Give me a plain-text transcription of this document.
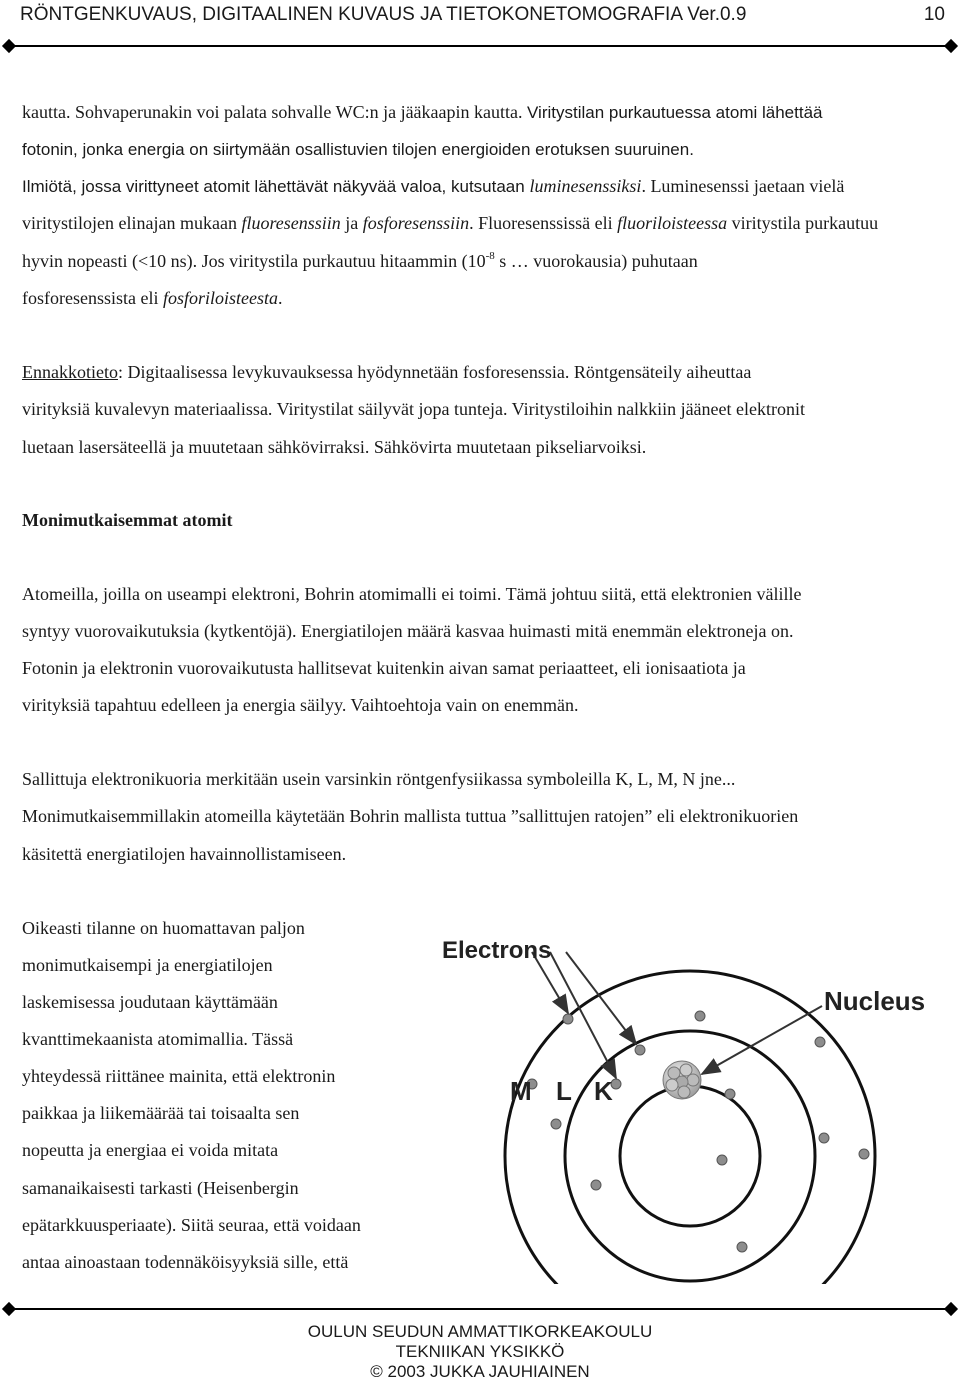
RÖNTGENKUVAUS, DIGITAALINEN KUVAUS JA TIETOKONETOMOGRAFIA Ver.0.9	10
kautta. Sohvaperunakin voi palata sohvalle WC:n ja jääkaapin kautta. Viritystilan purkautuessa atomi lähettää
fotonin, jonka energia on siirtymään osallistuvien tilojen energioiden erotuksen suuruinen.
Ilmiötä, jossa virittyneet atomit lähettävät näkyvää valoa, kutsutaan luminesenssiksi. Luminesenssi jaetaan vielä
viritystilojen elinajan mukaan fluoresenssiin ja fosforesenssiin. Fluoresenssissä eli fluoriloisteessa viritystila purkautuu
hyvin nopeasti (<10 ns). Jos viritystila purkautuu hitaammin ($10^{-8}$ s … vuorokausia) puhutaan
fosforesenssista eli fosforiloisteesta.
Ennakkotieto: Digitaalisessa levykuvauksessa hyödynnetään fosforesenssia. Röntgensäteily aiheuttaa
virityksiä kuvalevyn materiaalissa. Viritystilat säilyvät jopa tunteja. Viritystiloihin nalkkiin jääneet elektronit
luetaan lasersäteellä ja muutetaan sähkövirraksi. Sähkövirta muutetaan pikseliarvoiksi.
Monimutkaisemmat atomit
Atomeilla, joilla on useampi elektroni, Bohrin atomimalli ei toimi. Tämä johtuu siitä, että elektronien välille
syntyy vuorovaikutuksia (kytkentöjä). Energiatilojen määrä kasvaa huimasti mitä enemmän elektroneja on.
Fotonin ja elektronin vuorovaikutusta hallitsevat kuitenkin aivan samat periaatteet, eli ionisaatiota ja
virityksiä tapahtuu edelleen ja energia säilyy. Vaihtoehtoja vain on enemmän.
Sallittuja elektronikuoria merkitään usein varsinkin röntgenfysiikassa symboleilla K, L, M, N jne...
Monimutkaisemmillakin atomeilla käytetään Bohrin mallista tuttua ”sallittujen ratojen” eli elektronikuorien
käsitettä energiatilojen havainnollistamiseen.
Oikeasti tilanne on huomattavan paljon
monimutkaisempi ja energiatilojen
laskemisessa joudutaan käyttämään
kvanttimekaanista atomimallia. Tässä
yhteydessä riittänee mainita, että elektronin
paikkaa ja liikemäärää tai toisaalta sen
nopeutta ja energiaa ei voida mitata
samanaikaisesti tarkasti (Heisenbergin
epätarkkuusperiaate). Siitä seuraa, että voidaan
antaa ainoastaan todennäköisyyksiä sille, että
Electrons
Nucleus
M L K
OULUN SEUDUN AMMATTIKORKEAKOULU
TEKNIIKAN YKSIKKÖ
© 2003 JUKKA JAUHIAINEN
